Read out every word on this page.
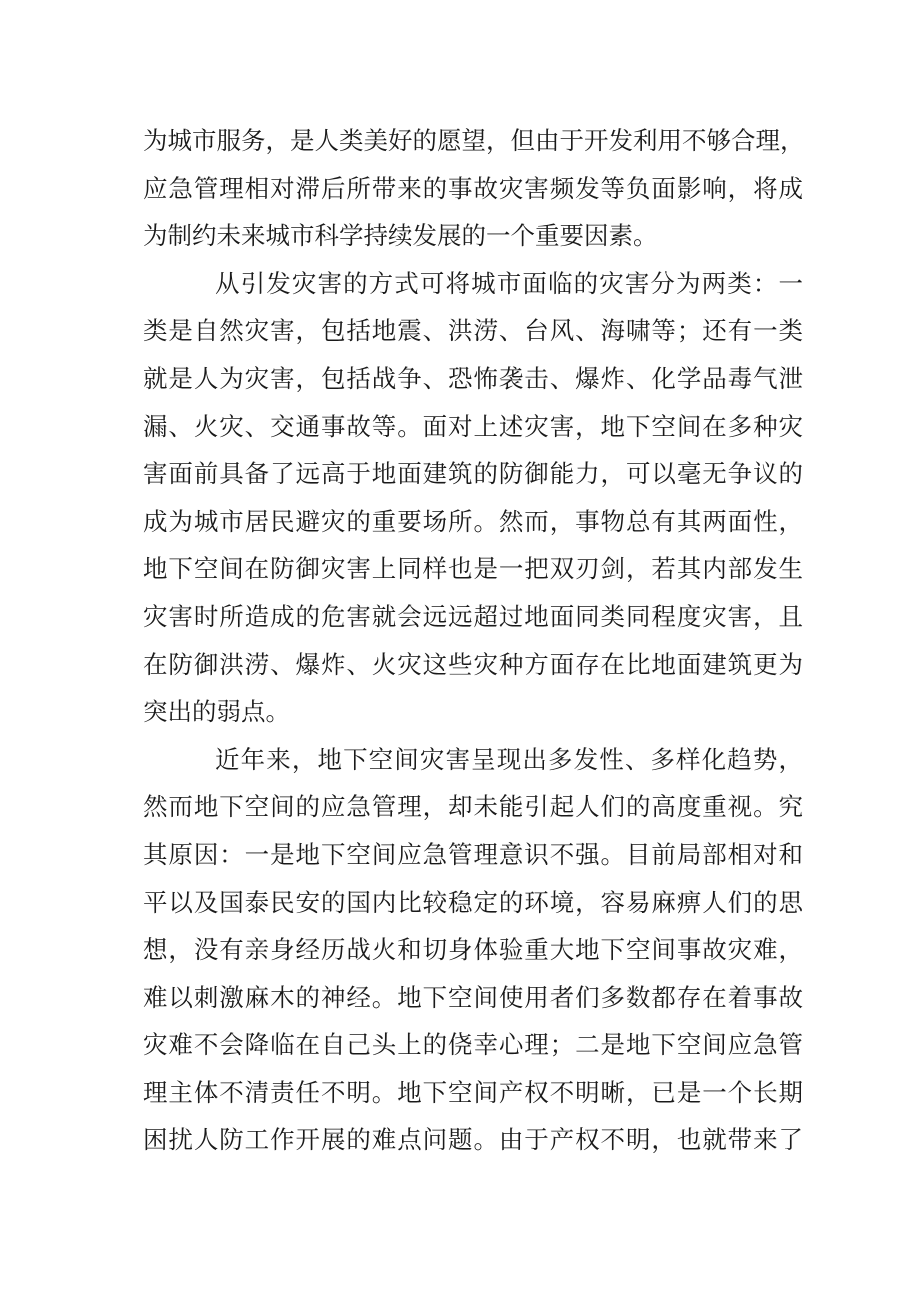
为城市服务，是人类美好的愿望，但由于开发利用不够合理，
应急管理相对滞后所带来的事故灾害频发等负面影响，将成
为制约未来城市科学持续发展的一个重要因素。
从引发灾害的方式可将城市面临的灾害分为两类：一
类是自然灾害，包括地震、洪涝、台风、海啸等；还有一类
就是人为灾害，包括战争、恐怖袭击、爆炸、化学品毒气泄
漏、火灾、交通事故等。面对上述灾害，地下空间在多种灾
害面前具备了远高于地面建筑的防御能力，可以毫无争议的
成为城市居民避灾的重要场所。然而，事物总有其两面性，
地下空间在防御灾害上同样也是一把双刃剑，若其内部发生
灾害时所造成的危害就会远远超过地面同类同程度灾害，且
在防御洪涝、爆炸、火灾这些灾种方面存在比地面建筑更为
突出的弱点。
近年来，地下空间灾害呈现出多发性、多样化趋势，
然而地下空间的应急管理，却未能引起人们的高度重视。究
其原因：一是地下空间应急管理意识不强。目前局部相对和
平以及国泰民安的国内比较稳定的环境，容易麻痹人们的思
想，没有亲身经历战火和切身体验重大地下空间事故灾难，
难以刺激麻木的神经。地下空间使用者们多数都存在着事故
灾难不会降临在自己头上的侥幸心理；二是地下空间应急管
理主体不清责任不明。地下空间产权不明晰，已是一个长期
困扰人防工作开展的难点问题。由于产权不明，也就带来了
